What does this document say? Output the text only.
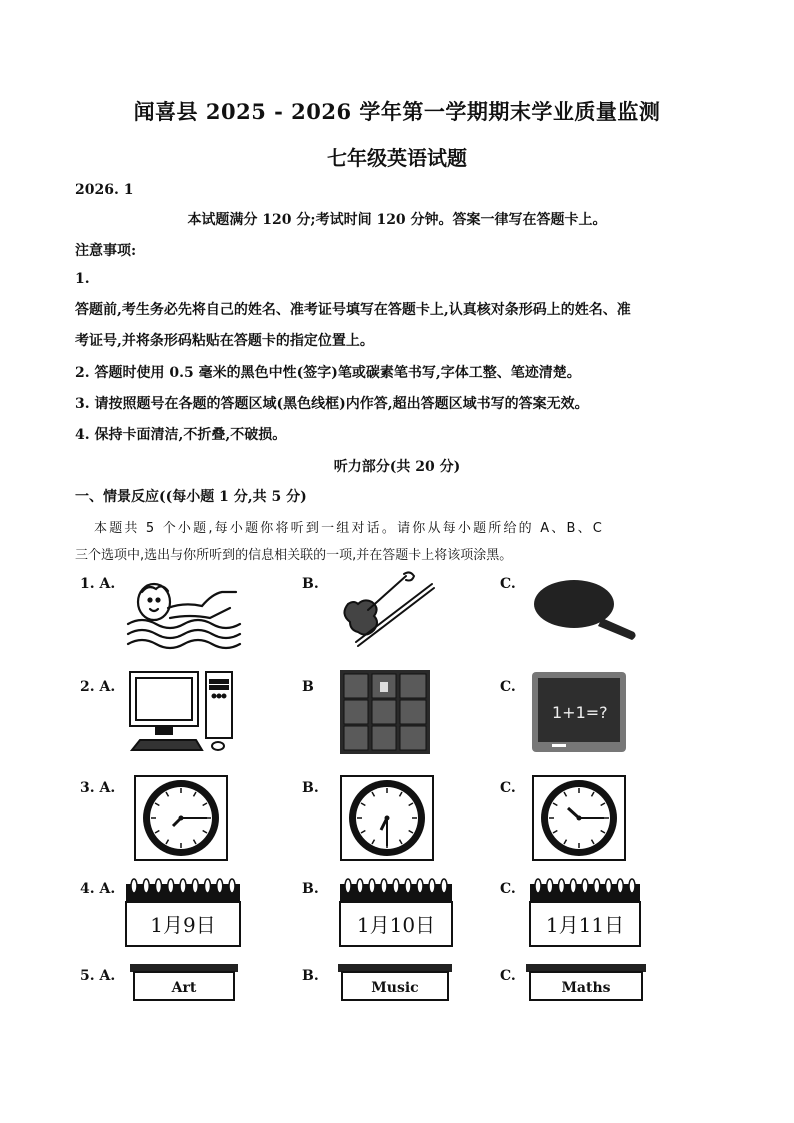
闻喜县 2025 - 2026 学年第一学期期末学业质量监测
七年级英语试题
2026. 1
本试题满分 120 分;考试时间 120 分钟。答案一律写在答题卡上。
注意事项:
1.
答题前,考生务必先将自己的姓名、准考证号填写在答题卡上,认真核对条形码上的姓名、准
考证号,并将条形码粘贴在答题卡的指定位置上。
2. 答题时使用 0.5 毫米的黑色中性(签字)笔或碳素笔书写,字体工整、笔迹清楚。
3. 请按照题号在各题的答题区域(黑色线框)内作答,超出答题区域书写的答案无效。
4. 保持卡面清洁,不折叠,不破损。
听力部分(共 20 分)
一、情景反应((每小题 1 分,共 5 分)
本题共 5 个小题,每小题你将听到一组对话。请你从每小题所给的 A、B、C
三个选项中,选出与你所听到的信息相关联的一项,并在答题卡上将该项涂黑。
1. A.	B.	C.
2. A.	B	C.
1+1=?
3. A.	B.	C.
4. A.	B.	C.
1月9日	1月10日	1月11日
5. A.	B.	C.
Art	Music	Maths
